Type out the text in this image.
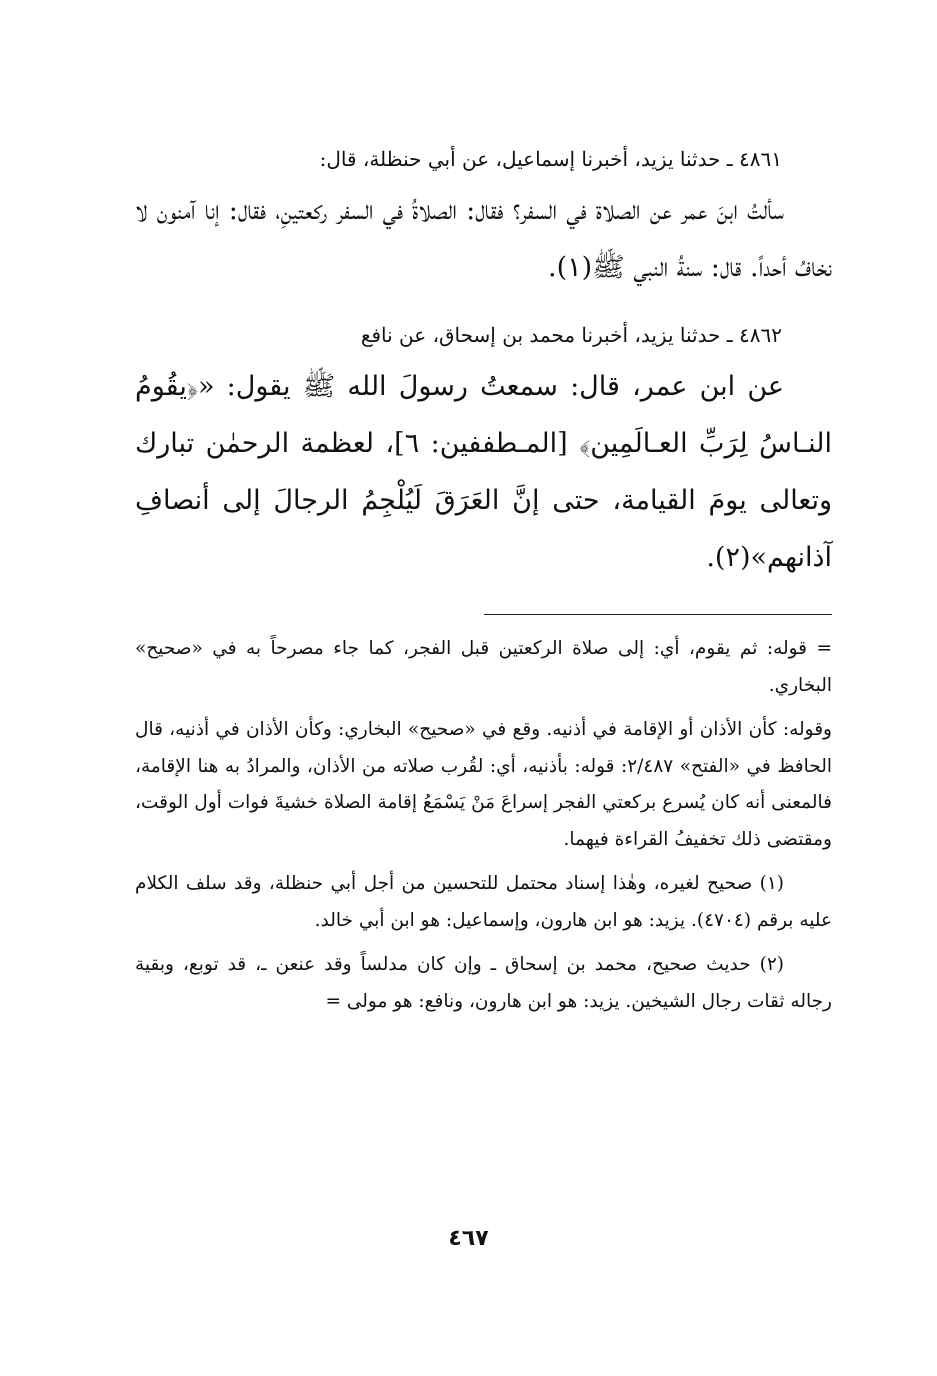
٤٨٦١ ـ حدثنا يزيد، أخبرنا إسماعيل، عن أبي حنظلة، قال:

سألتُ ابنَ عمر عن الصلاة في السفر؟ فقال: الصلاةُ في السفر ركعتينِ، فقال: إنا آمنون لا نخافُ أحداً. قال: سنةُ النبي ﷺ(١).

٤٨٦٢ ـ حدثنا يزيد، أخبرنا محمد بن إسحاق، عن نافع

عن ابن عمر، قال: سمعتُ رسولَ الله ﷺ يقول: «﴿يقُومُ النـاسُ لِرَبِّ العـالَمِين﴾ [المـطففين: ٦]، لعظمة الرحمٰن تبارك وتعالى يومَ القيامة، حتى إنَّ العَرَقَ لَيُلْجِمُ الرجالَ إلى أنصافِ آذانهم»(٢).

= قوله: ثم يقوم، أي: إلى صلاة الركعتين قبل الفجر، كما جاء مصرحاً به في «صحيح» البخاري.

وقوله: كأن الأذان أو الإقامة في أذنيه. وقع في «صحيح» البخاري: وكأن الأذان في أذنيه، قال الحافظ في «الفتح» ٢/٤٨٧: قوله: بأذنيه، أي: لقُرب صلاته من الأذان، والمرادُ به هنا الإقامة، فالمعنى أنه كان يُسرع بركعتي الفجر إسراعَ مَنْ يَسْمَعُ إقامة الصلاة خشيةَ فوات أول الوقت، ومقتضى ذلك تخفيفُ القراءة فيهما.

(١) صحيح لغيره، وهٰذا إسناد محتمل للتحسين من أجل أبي حنظلة، وقد سلف الكلام عليه برقم (٤٧٠٤). يزيد: هو ابن هارون، وإسماعيل: هو ابن أبي خالد.

(٢) حديث صحيح، محمد بن إسحاق ـ وإن كان مدلساً وقد عنعن ـ، قد توبع، وبقية رجاله ثقات رجال الشيخين. يزيد: هو ابن هارون، ونافع: هو مولى =

٤٦٧
